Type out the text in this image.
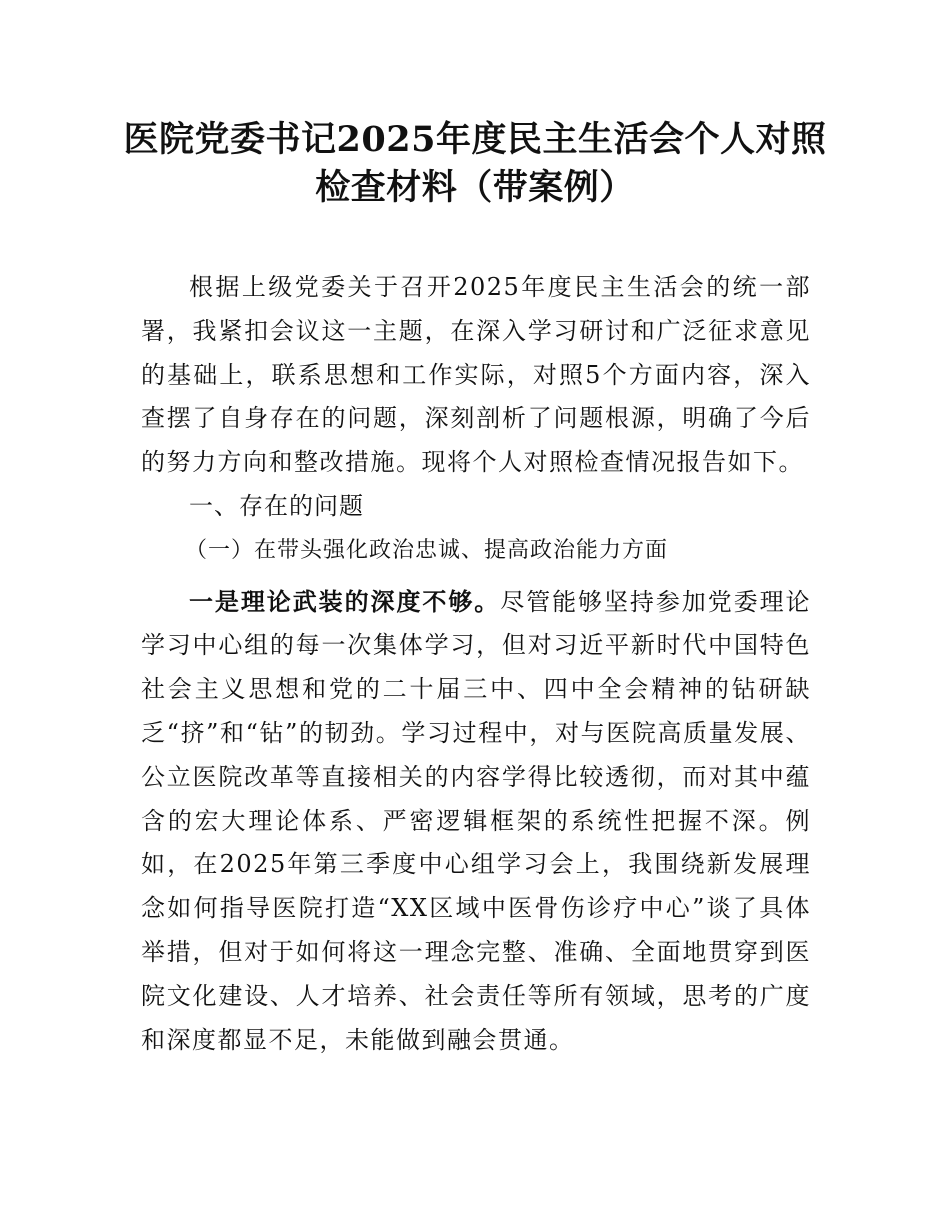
医院党委书记2025年度民主生活会个人对照
检查材料（带案例）

根据上级党委关于召开2025年度民主生活会的统一部署，我紧扣会议这一主题，在深入学习研讨和广泛征求意见的基础上，联系思想和工作实际，对照5个方面内容，深入查摆了自身存在的问题，深刻剖析了问题根源，明确了今后的努力方向和整改措施。现将个人对照检查情况报告如下。

一、存在的问题

（一）在带头强化政治忠诚、提高政治能力方面

一是理论武装的深度不够。尽管能够坚持参加党委理论学习中心组的每一次集体学习，但对习近平新时代中国特色社会主义思想和党的二十届三中、四中全会精神的钻研缺乏“挤”和“钻”的韧劲。学习过程中，对与医院高质量发展、公立医院改革等直接相关的内容学得比较透彻，而对其中蕴含的宏大理论体系、严密逻辑框架的系统性把握不深。例如，在2025年第三季度中心组学习会上，我围绕新发展理念如何指导医院打造“XX区域中医骨伤诊疗中心”谈了具体举措，但对于如何将这一理念完整、准确、全面地贯穿到医院文化建设、人才培养、社会责任等所有领域，思考的广度和深度都显不足，未能做到融会贯通。
